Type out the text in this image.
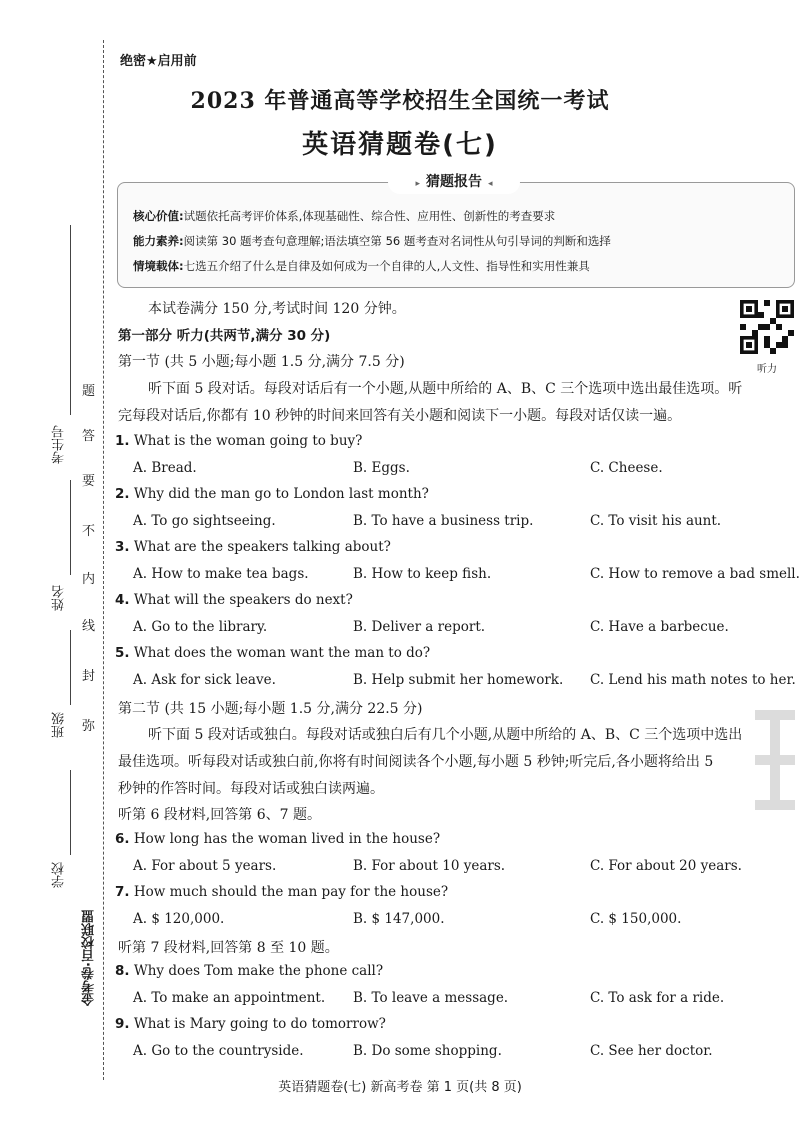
考生号
姓名
班级
学校
金考卷·百校联盟
题
答
要
不
内
线
封
弥
绝密★启用前
2023 年普通高等学校招生全国统一考试
英语猜题卷(七)
▸ 猜题报告 ◂
核心价值:试题依托高考评价体系,体现基础性、综合性、应用性、创新性的考查要求
能力素养:阅读第 30 题考查句意理解;语法填空第 56 题考查对名词性从句引导词的判断和选择
情境载体:七选五介绍了什么是自律及如何成为一个自律的人,人文性、指导性和实用性兼具
听力
本试卷满分 150 分,考试时间 120 分钟。
第一部分 听力(共两节,满分 30 分)
第一节 (共 5 小题;每小题 1.5 分,满分 7.5 分)
听下面 5 段对话。每段对话后有一个小题,从题中所给的 A、B、C 三个选项中选出最佳选项。听
完每段对话后,你都有 10 秒钟的时间来回答有关小题和阅读下一小题。每段对话仅读一遍。
1. What is the woman going to buy?
A. Bread.	B. Eggs.	C. Cheese.
2. Why did the man go to London last month?
A. To go sightseeing.	B. To have a business trip.	C. To visit his aunt.
3. What are the speakers talking about?
A. How to make tea bags.	B. How to keep fish.	C. How to remove a bad smell.
4. What will the speakers do next?
A. Go to the library.	B. Deliver a report.	C. Have a barbecue.
5. What does the woman want the man to do?
A. Ask for sick leave.	B. Help submit her homework. C. Lend his math notes to her.
第二节 (共 15 小题;每小题 1.5 分,满分 22.5 分)
听下面 5 段对话或独白。每段对话或独白后有几个小题,从题中所给的 A、B、C 三个选项中选出
最佳选项。听每段对话或独白前,你将有时间阅读各个小题,每小题 5 秒钟;听完后,各小题将给出 5
秒钟的作答时间。每段对话或独白读两遍。
听第 6 段材料,回答第 6、7 题。
6. How long has the woman lived in the house?
A. For about 5 years.	B. For about 10 years.	C. For about 20 years.
7. How much should the man pay for the house?
A. $ 120,000.	B. $ 147,000.	C. $ 150,000.
听第 7 段材料,回答第 8 至 10 题。
8. Why does Tom make the phone call?
A. To make an appointment. B. To leave a message.	C. To ask for a ride.
9. What is Mary going to do tomorrow?
A. Go to the countryside.	B. Do some shopping.	C. See her doctor.
英语猜题卷(七) 新高考卷 第 1 页(共 8 页)
